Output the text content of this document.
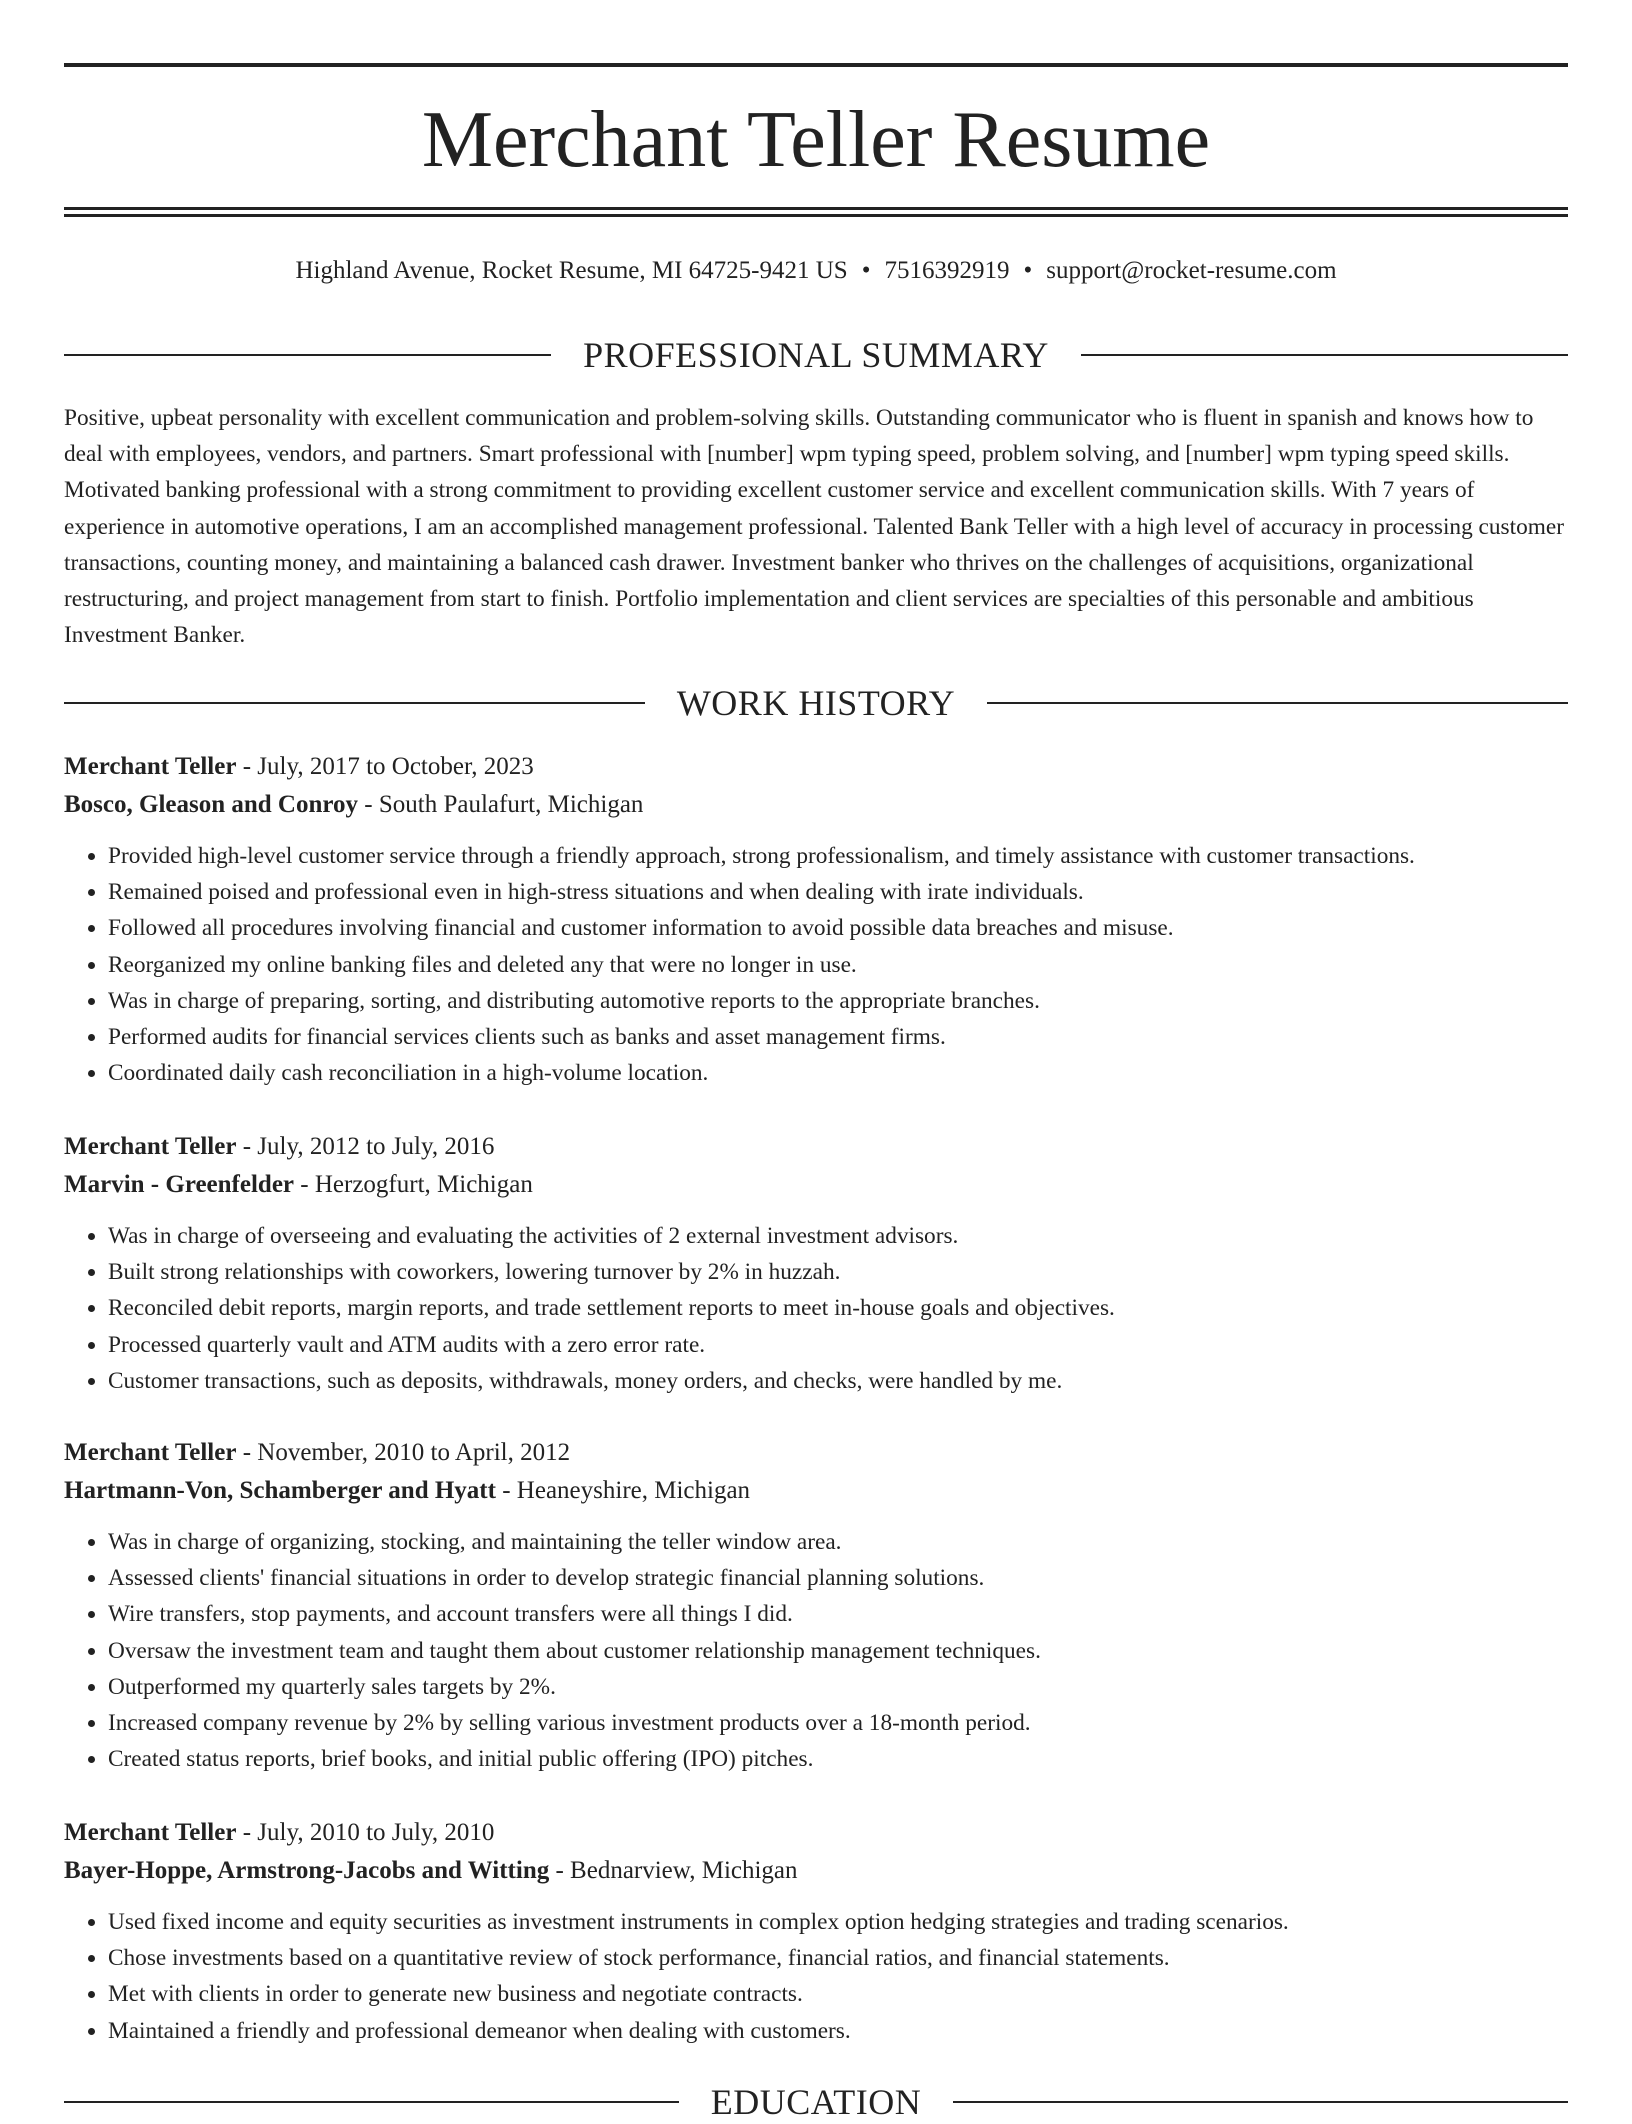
Merchant Teller Resume
Highland Avenue, Rocket Resume, MI 64725-9421 US • 7516392919 • support@rocket-resume.com
PROFESSIONAL SUMMARY

Positive, upbeat personality with excellent communication and problem-solving skills. Outstanding communicator who is fluent in spanish and knows how to deal with employees, vendors, and partners. Smart professional with [number] wpm typing speed, problem solving, and [number] wpm typing speed skills. Motivated banking professional with a strong commitment to providing excellent customer service and excellent communication skills. With 7 years of experience in automotive operations, I am an accomplished management professional. Talented Bank Teller with a high level of accuracy in processing customer transactions, counting money, and maintaining a balanced cash drawer. Investment banker who thrives on the challenges of acquisitions, organizational restructuring, and project management from start to finish. Portfolio implementation and client services are specialties of this personable and ambitious Investment Banker.

WORK HISTORY
Merchant Teller - July, 2017 to October, 2023
Bosco, Gleason and Conroy - South Paulafurt, Michigan
• Provided high-level customer service through a friendly approach, strong professionalism, and timely assistance with customer transactions.
• Remained poised and professional even in high-stress situations and when dealing with irate individuals.
• Followed all procedures involving financial and customer information to avoid possible data breaches and misuse.
• Reorganized my online banking files and deleted any that were no longer in use.
• Was in charge of preparing, sorting, and distributing automotive reports to the appropriate branches.
• Performed audits for financial services clients such as banks and asset management firms.
• Coordinated daily cash reconciliation in a high-volume location.
Merchant Teller - July, 2012 to July, 2016
Marvin - Greenfelder - Herzogfurt, Michigan
• Was in charge of overseeing and evaluating the activities of 2 external investment advisors.
• Built strong relationships with coworkers, lowering turnover by 2% in huzzah.
• Reconciled debit reports, margin reports, and trade settlement reports to meet in-house goals and objectives.
• Processed quarterly vault and ATM audits with a zero error rate.
• Customer transactions, such as deposits, withdrawals, money orders, and checks, were handled by me.
Merchant Teller - November, 2010 to April, 2012
Hartmann-Von, Schamberger and Hyatt - Heaneyshire, Michigan
• Was in charge of organizing, stocking, and maintaining the teller window area.
• Assessed clients' financial situations in order to develop strategic financial planning solutions.
• Wire transfers, stop payments, and account transfers were all things I did.
• Oversaw the investment team and taught them about customer relationship management techniques.
• Outperformed my quarterly sales targets by 2%.
• Increased company revenue by 2% by selling various investment products over a 18-month period.
• Created status reports, brief books, and initial public offering (IPO) pitches.
Merchant Teller - July, 2010 to July, 2010
Bayer-Hoppe, Armstrong-Jacobs and Witting - Bednarview, Michigan
• Used fixed income and equity securities as investment instruments in complex option hedging strategies and trading scenarios.
• Chose investments based on a quantitative review of stock performance, financial ratios, and financial statements.
• Met with clients in order to generate new business and negotiate contracts.
• Maintained a friendly and professional demeanor when dealing with customers.
EDUCATION
